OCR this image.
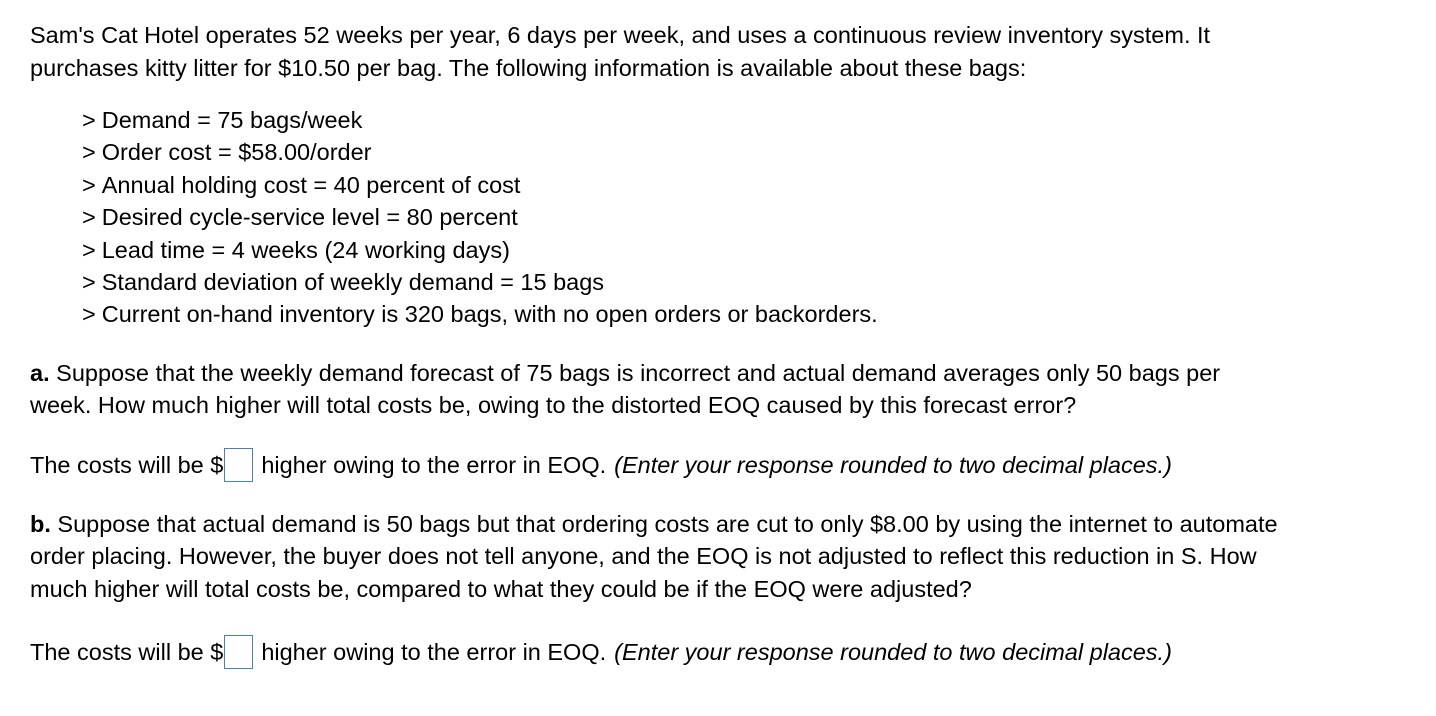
Sam's Cat Hotel operates 52 weeks per year, 6 days per week, and uses a continuous review inventory system. It
purchases kitty litter for $10.50 per bag. The following information is available about these bags:

> Demand = 75 bags/week
> Order cost = $58.00/order
> Annual holding cost = 40 percent of cost
> Desired cycle-service level = 80 percent
> Lead time = 4 weeks (24 working days)
> Standard deviation of weekly demand = 15 bags
> Current on-hand inventory is 320 bags, with no open orders or backorders.

a. Suppose that the weekly demand forecast of 75 bags is incorrect and actual demand averages only 50 bags per
week. How much higher will total costs be, owing to the distorted EOQ caused by this forecast error?

The costs will be $ higher owing to the error in EOQ. (Enter your response rounded to two decimal places.)

b. Suppose that actual demand is 50 bags but that ordering costs are cut to only $8.00 by using the internet to automate
order placing. However, the buyer does not tell anyone, and the EOQ is not adjusted to reflect this reduction in S. How
much higher will total costs be, compared to what they could be if the EOQ were adjusted?

The costs will be $ higher owing to the error in EOQ. (Enter your response rounded to two decimal places.)
